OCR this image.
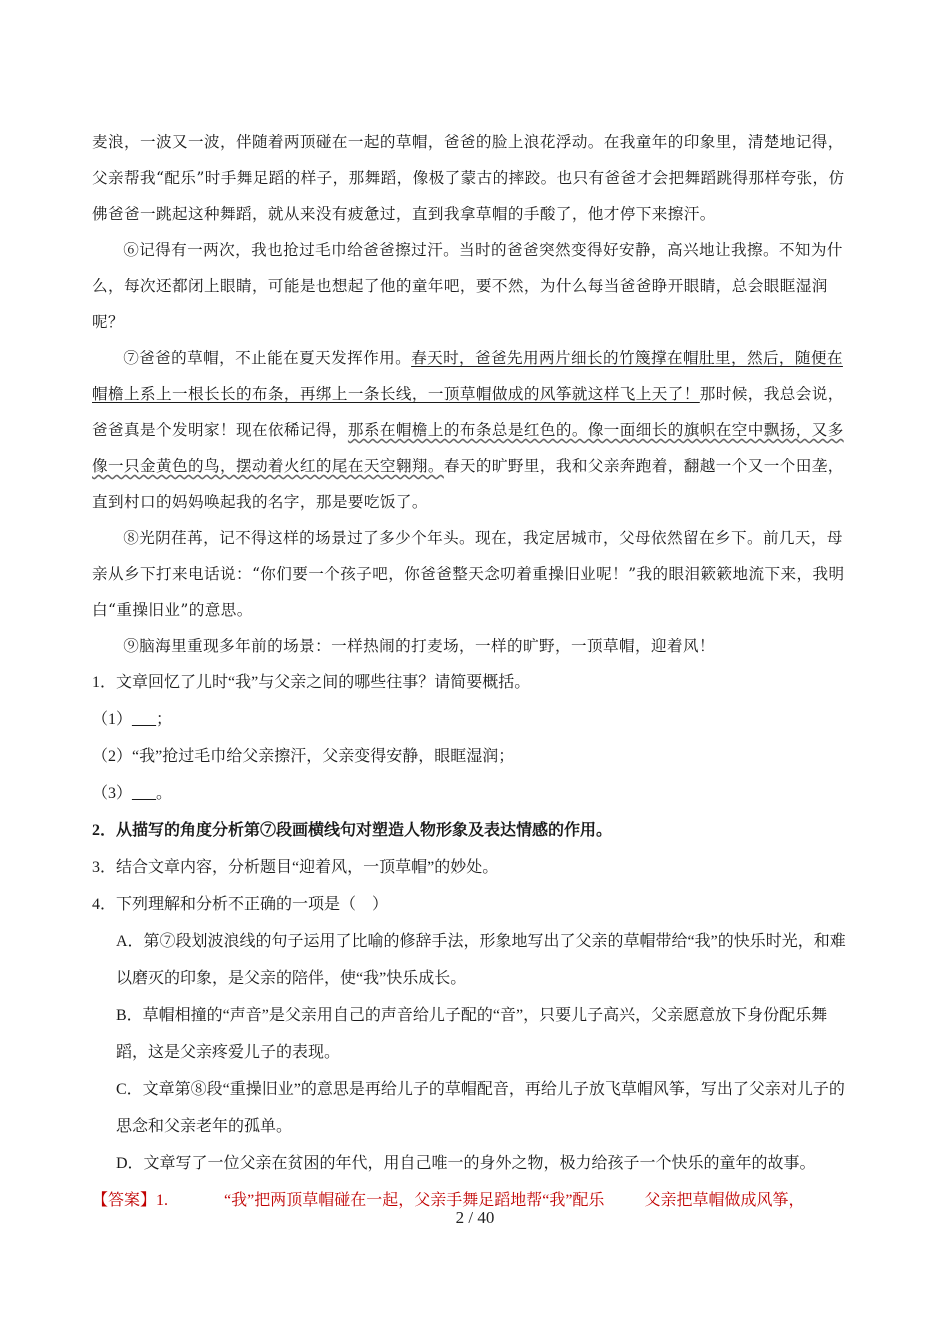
麦浪，一波又一波，伴随着两顶碰在一起的草帽，爸爸的脸上浪花浮动。在我童年的印象里，清楚地记得，父亲帮我“配乐”时手舞足蹈的样子，那舞蹈，像极了蒙古的摔跤。也只有爸爸才会把舞蹈跳得那样夸张，仿佛爸爸一跳起这种舞蹈，就从来没有疲惫过，直到我拿草帽的手酸了，他才停下来擦汗。

⑥记得有一两次，我也抢过毛巾给爸爸擦过汗。当时的爸爸突然变得好安静，高兴地让我擦。不知为什么，每次还都闭上眼睛，可能是也想起了他的童年吧，要不然，为什么每当爸爸睁开眼睛，总会眼眶湿润呢？

⑦爸爸的草帽，不止能在夏天发挥作用。春天时，爸爸先用两片细长的竹篾撑在帽肚里，然后，随便在帽檐上系上一根长长的布条，再绑上一条长线，一顶草帽做成的风筝就这样飞上天了！那时候，我总会说，爸爸真是个发明家！现在依稀记得，那系在帽檐上的布条总是红色的。像一面细长的旗帜在空中飘扬，又多像一只金黄色的鸟，摆动着火红的尾在天空翱翔。春天的旷野里，我和父亲奔跑着，翻越一个又一个田垄，直到村口的妈妈唤起我的名字，那是要吃饭了。

⑧光阴荏苒，记不得这样的场景过了多少个年头。现在，我定居城市，父母依然留在乡下。前几天，母亲从乡下打来电话说：“你们要一个孩子吧，你爸爸整天念叨着重操旧业呢！”我的眼泪簌簌地流下来，我明白“重操旧业”的意思。

⑨脑海里重现多年前的场景：一样热闹的打麦场，一样的旷野，一顶草帽，迎着风！

1．文章回忆了儿时“我”与父亲之间的哪些往事？请简要概括。

（1）___；

（2）“我”抢过毛巾给父亲擦汗，父亲变得安静，眼眶湿润；

（3）___。

2．从描写的角度分析第⑦段画横线句对塑造人物形象及表达情感的作用。

3．结合文章内容，分析题目“迎着风，一顶草帽”的妙处。

4．下列理解和分析不正确的一项是（　）

A．第⑦段划波浪线的句子运用了比喻的修辞手法，形象地写出了父亲的草帽带给“我”的快乐时光，和难以磨灭的印象，是父亲的陪伴，使“我”快乐成长。

B．草帽相撞的“声音”是父亲用自己的声音给儿子配的“音”，只要儿子高兴，父亲愿意放下身份配乐舞蹈，这是父亲疼爱儿子的表现。

C．文章第⑧段“重操旧业”的意思是再给儿子的草帽配音，再给儿子放飞草帽风筝，写出了父亲对儿子的思念和父亲老年的孤单。

D．文章写了一位父亲在贫困的年代，用自己唯一的身外之物，极力给孩子一个快乐的童年的故事。

【答案】1.	“我”把两顶草帽碰在一起，父亲手舞足蹈地帮“我”配乐	父亲把草帽做成风筝，

2 / 40
